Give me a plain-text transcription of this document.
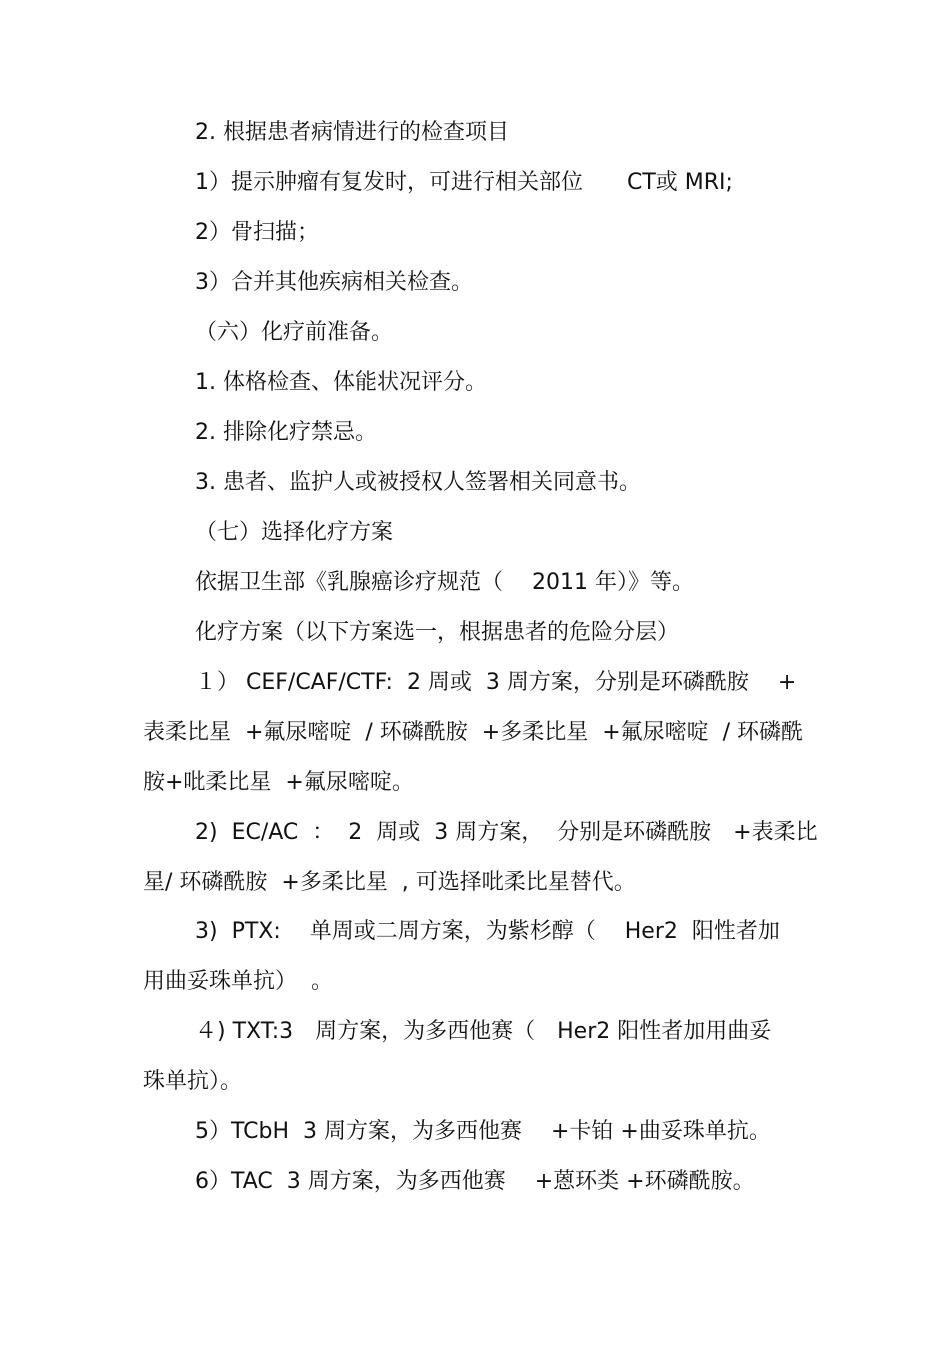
2. 根据患者病情进行的检查项目
1）提示肿瘤有复发时，可进行相关部位　　CT或 MRI;
2）骨扫描；
3）合并其他疾病相关检查。
（六）化疗前准备。
1. 体格检查、体能状况评分。
2. 排除化疗禁忌。
3. 患者、监护人或被授权人签署相关同意书。
（七）选择化疗方案
依据卫生部《乳腺癌诊疗规范（　 2011 年）》等。
化疗方案（以下方案选一，根据患者的危险分层）
１） CEF/CAF/CTF:  2 周或  3 周方案，分别是环磷酰胺　 +
表柔比星  +氟尿嘧啶  / 环磷酰胺  +多柔比星  +氟尿嘧啶  / 环磷酰
胺+吡柔比星  +氟尿嘧啶。
2)  EC/AC  ：  2  周或  3 周方案，  分别是环磷酰胺　+表柔比
星/ 环磷酰胺  +多柔比星  , 可选择吡柔比星替代。
3)  PTX:　 单周或二周方案，为紫杉醇（　 Her2  阳性者加
用曲妥珠单抗）  。
４) TXT:3　周方案，为多西他赛（　Her2 阳性者加用曲妥
珠单抗）。
5）TCbH  3 周方案，为多西他赛　 +卡铂 +曲妥珠单抗。
6）TAC  3 周方案，为多西他赛　 +蒽环类 +环磷酰胺。
